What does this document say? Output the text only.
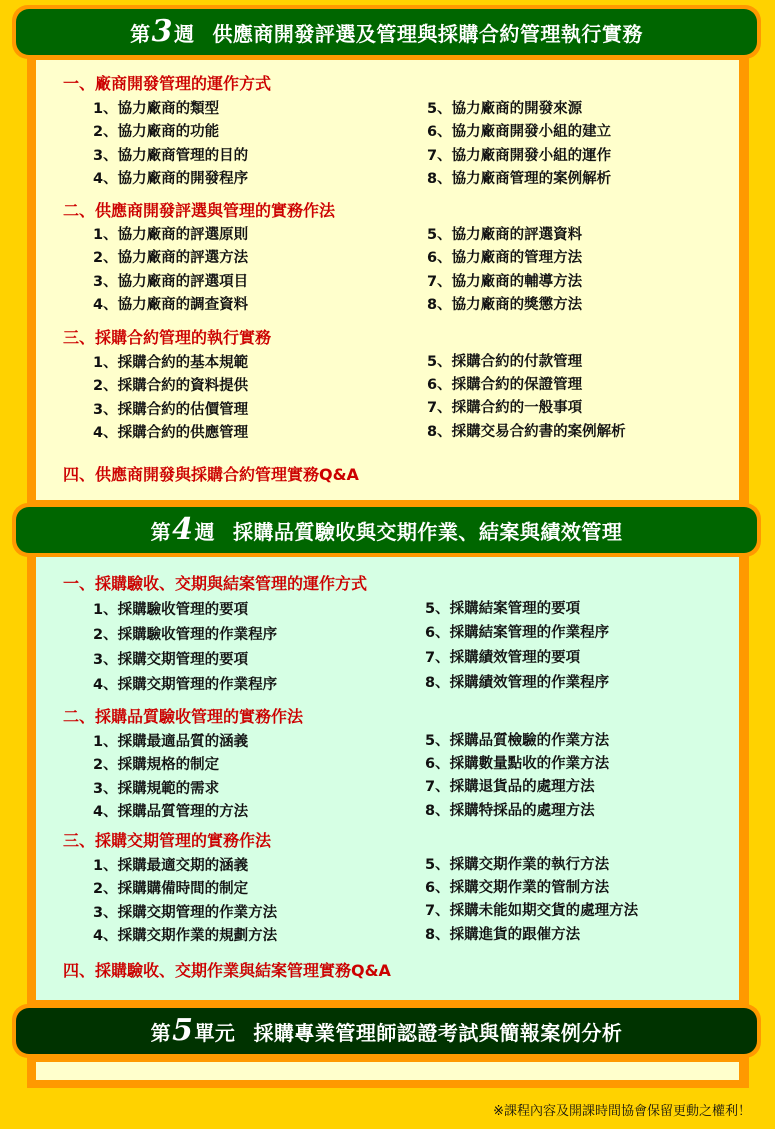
第 3 週 供應商開發評選及管理與採購合約管理執行實務
一、廠商開發管理的運作方式
1、協力廠商的類型
2、協力廠商的功能
3、協力廠商管理的目的
4、協力廠商的開發程序
5、協力廠商的開發來源
6、協力廠商開發小組的建立
7、協力廠商開發小組的運作
8、協力廠商管理的案例解析
二、供應商開發評選與管理的實務作法
1、協力廠商的評選原則
2、協力廠商的評選方法
3、協力廠商的評選項目
4、協力廠商的調查資料
5、協力廠商的評選資料
6、協力廠商的管理方法
7、協力廠商的輔導方法
8、協力廠商的獎懲方法
三、採購合約管理的執行實務
1、採購合約的基本規範
2、採購合約的資料提供
3、採購合約的估價管理
4、採購合約的供應管理
5、採購合約的付款管理
6、採購合約的保證管理
7、採購合約的一般事項
8、採購交易合約書的案例解析
四、供應商開發與採購合約管理實務Q&A
第 4 週 採購品質驗收與交期作業、結案與績效管理
一、採購驗收、交期與結案管理的運作方式
1、採購驗收管理的要項
2、採購驗收管理的作業程序
3、採購交期管理的要項
4、採購交期管理的作業程序
5、採購結案管理的要項
6、採購結案管理的作業程序
7、採購績效管理的要項
8、採購績效管理的作業程序
二、採購品質驗收管理的實務作法
1、採購最適品質的涵義
2、採購規格的制定
3、採購規範的需求
4、採購品質管理的方法
5、採購品質檢驗的作業方法
6、採購數量點收的作業方法
7、採購退貨品的處理方法
8、採購特採品的處理方法
三、採購交期管理的實務作法
1、採購最適交期的涵義
2、採購購備時間的制定
3、採購交期管理的作業方法
4、採購交期作業的規劃方法
5、採購交期作業的執行方法
6、採購交期作業的管制方法
7、採購未能如期交貨的處理方法
8、採購進貨的跟催方法
四、採購驗收、交期作業與結案管理實務Q&A
第 5 單元 採購專業管理師認證考試與簡報案例分析
※課程內容及開課時間協會保留更動之權利！
